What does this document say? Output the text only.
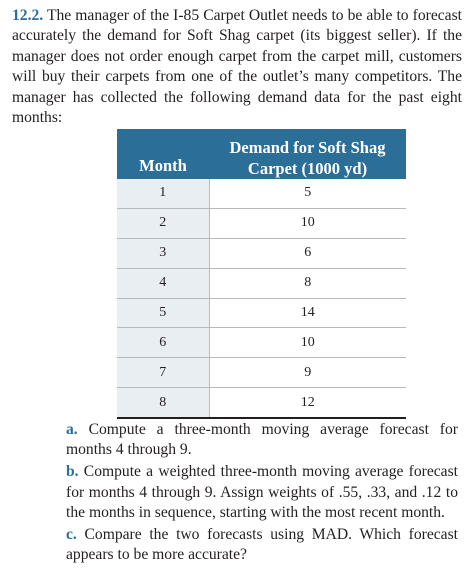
12.2. The manager of the I-85 Carpet Outlet needs to be able to forecast accurately the demand for Soft Shag carpet (its biggest seller). If the manager does not order enough carpet from the carpet mill, customers will buy their carpets from one of the outlet’s many competitors. The manager has collected the following demand data for the past eight months:

Month	Demand for Soft Shag
Carpet (1000 yd)
1	5
2	10
3	6
4	8
5	14
6	10
7	9
8	12
a. Compute a three-month moving average forecast for months 4 through 9.
b. Compute a weighted three-month moving average forecast for months 4 through 9. Assign weights of .55, .33, and .12 to the months in sequence, starting with the most recent month.
c. Compare the two forecasts using MAD. Which forecast appears to be more accurate?
